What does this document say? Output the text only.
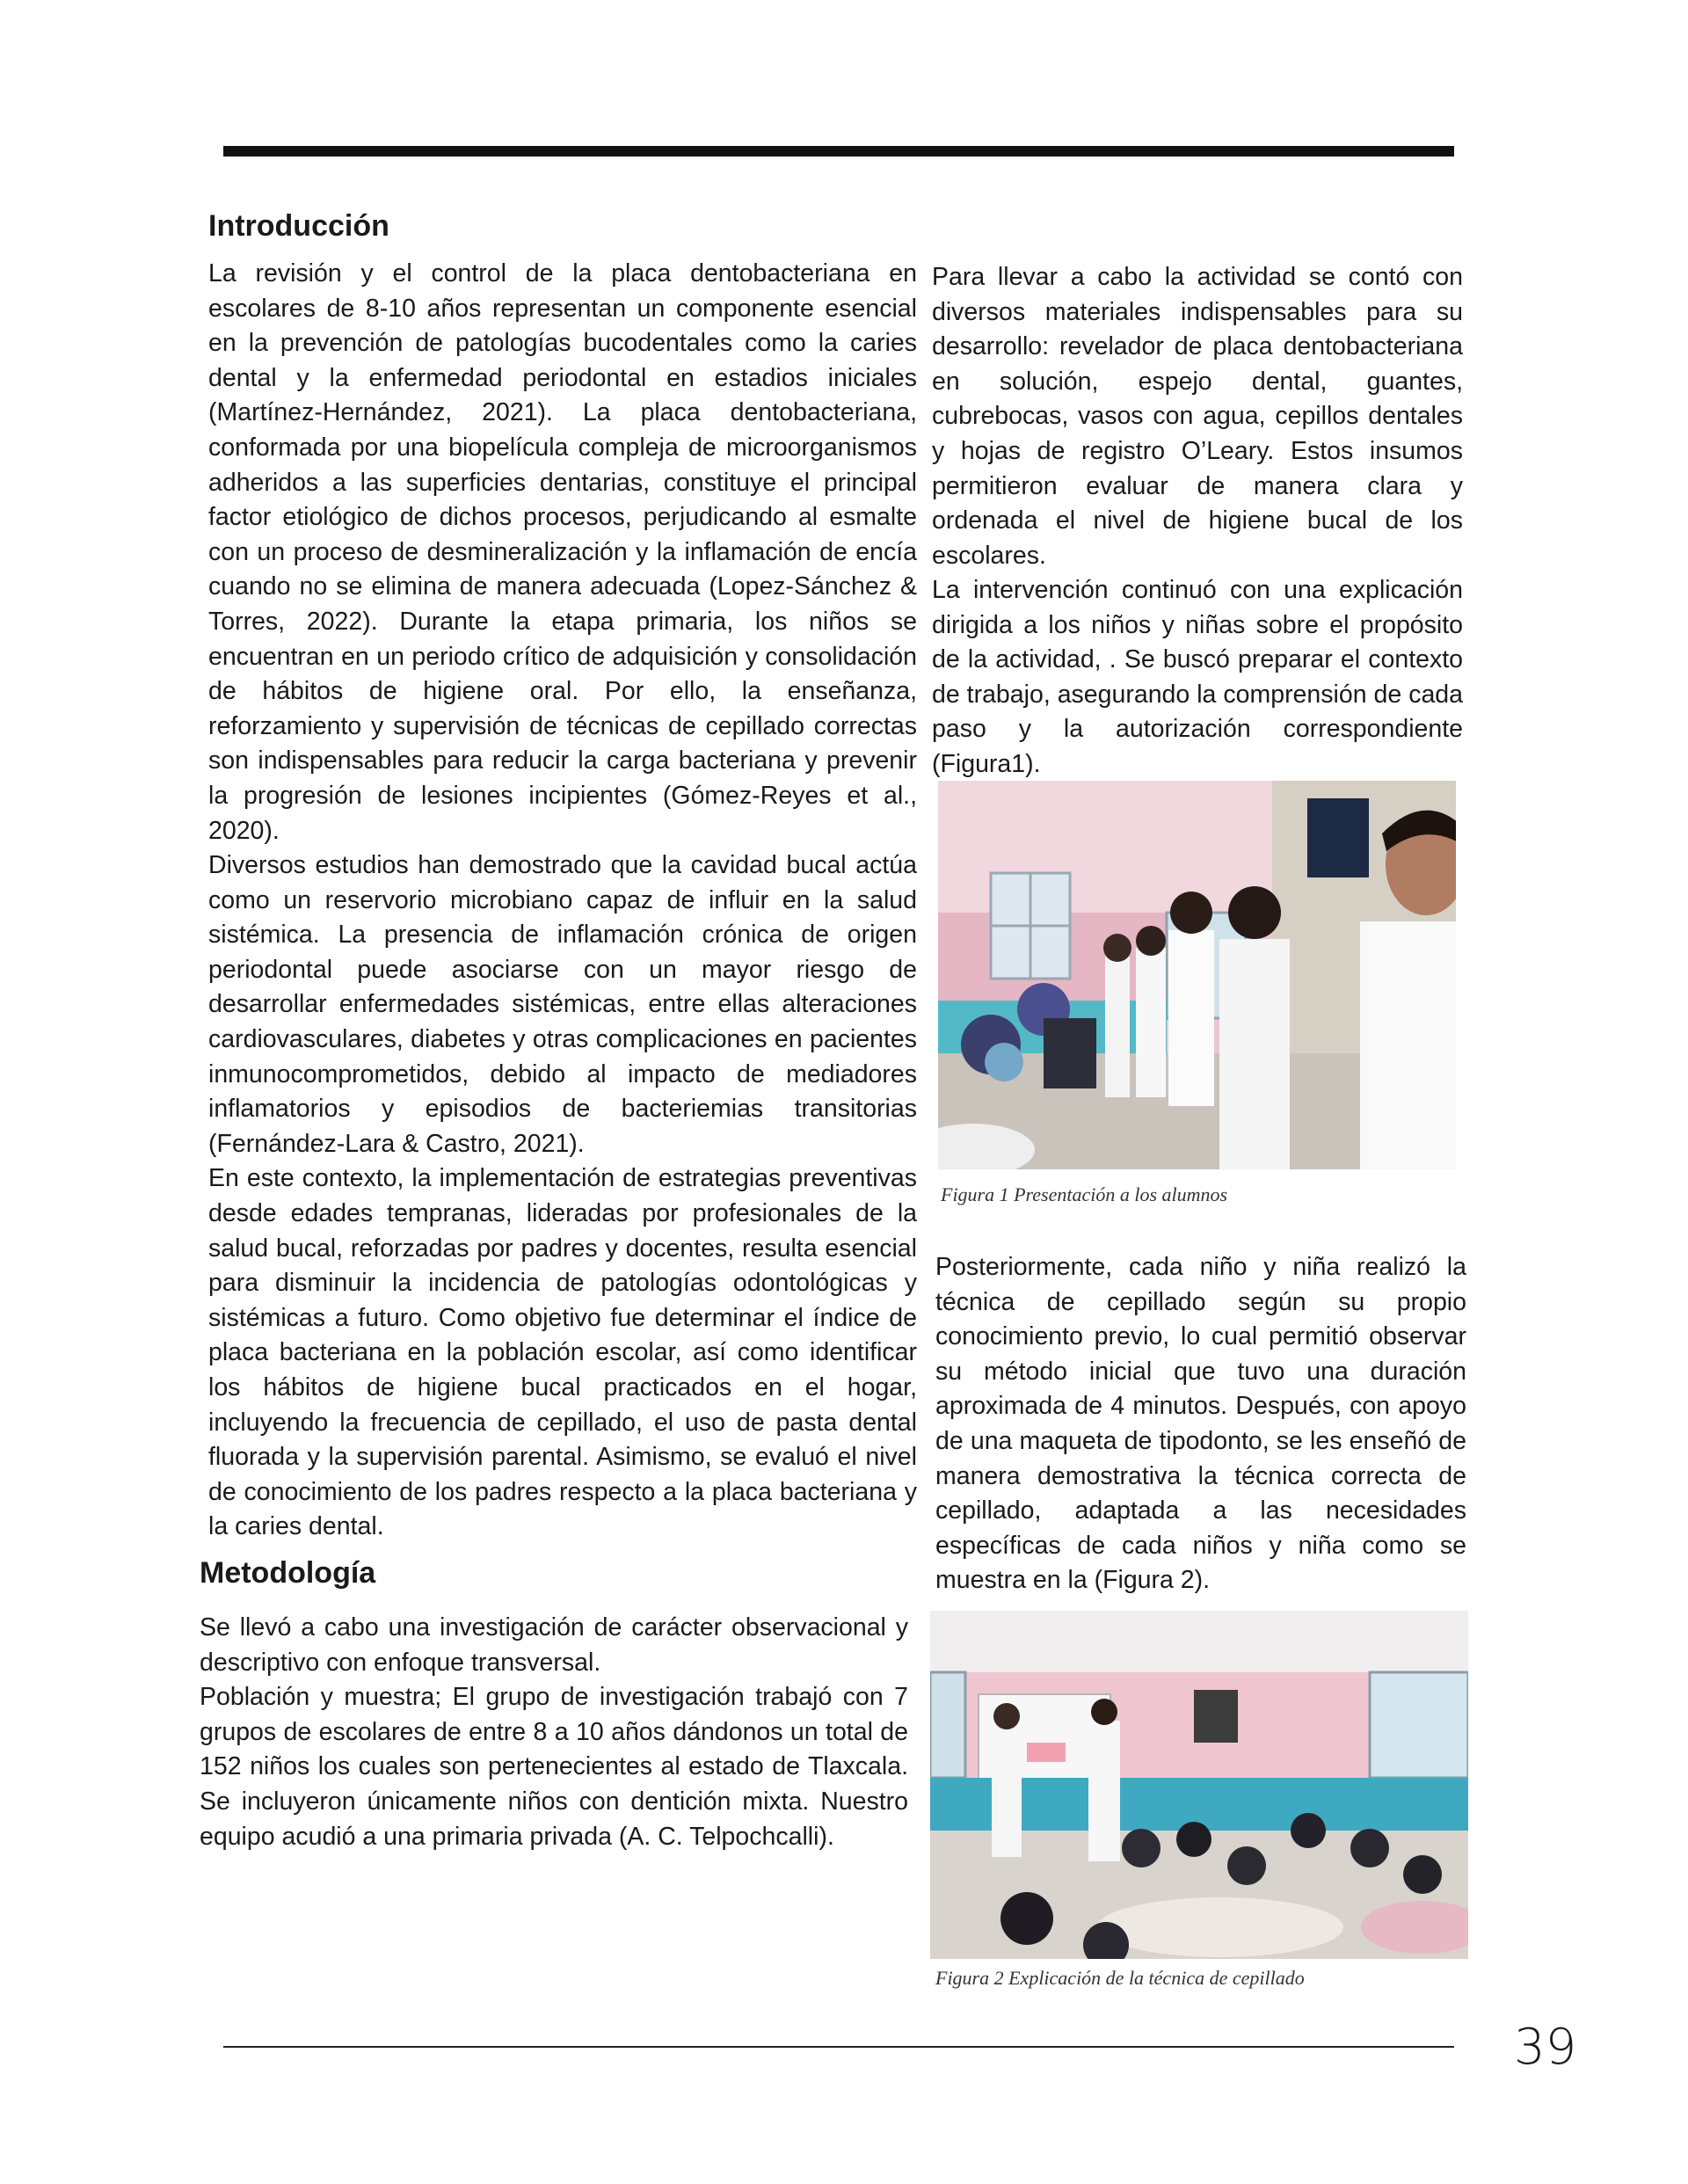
Introducción

La revisión y el control de la placa dentobacteriana en escolares de 8-10 años representan un componente esencial en la prevención de patologías bucodentales como la caries dental y la enfermedad periodontal en estadios iniciales (Martínez-Hernández, 2021). La placa dentobacteriana, conformada por una biopelícula compleja de microorganismos adheridos a las superficies dentarias, constituye el principal factor etiológico de dichos procesos, perjudicando al esmalte con un proceso de desmineralización y la inflamación de encía cuando no se elimina de manera adecuada (Lopez-Sánchez & Torres, 2022). Durante la etapa primaria, los niños se encuentran en un periodo crítico de adquisición y consolidación de hábitos de higiene oral. Por ello, la enseñanza, reforzamiento y supervisión de técnicas de cepillado correctas son indispensables para reducir la carga bacteriana y prevenir la progresión de lesiones incipientes (Gómez-Reyes et al., 2020).

Diversos estudios han demostrado que la cavidad bucal actúa como un reservorio microbiano capaz de influir en la salud sistémica. La presencia de inflamación crónica de origen periodontal puede asociarse con un mayor riesgo de desarrollar enfermedades sistémicas, entre ellas alteraciones cardiovasculares, diabetes y otras complicaciones en pacientes inmunocomprometidos, debido al impacto de mediadores inflamatorios y episodios de bacteriemias transitorias (Fernández-Lara & Castro, 2021).

En este contexto, la implementación de estrategias preventivas desde edades tempranas, lideradas por profesionales de la salud bucal, reforzadas por padres y docentes, resulta esencial para disminuir la incidencia de patologías odontológicas y sistémicas a futuro. Como objetivo fue determinar el índice de placa bacteriana en la población escolar, así como identificar los hábitos de higiene bucal practicados en el hogar, incluyendo la frecuencia de cepillado, el uso de pasta dental fluorada y la supervisión parental. Asimismo, se evaluó el nivel de conocimiento de los padres respecto a la placa bacteriana y la caries dental.

Metodología

Se llevó a cabo una investigación de carácter observacional y descriptivo con enfoque transversal.

Población y muestra; El grupo de investigación trabajó con 7 grupos de escolares de entre 8 a 10 años dándonos un total de 152 niños los cuales son pertenecientes al estado de Tlaxcala. Se incluyeron únicamente niños con dentición mixta. Nuestro equipo acudió a una primaria privada (A. C. Telpochcalli).

Para llevar a cabo la actividad se contó con diversos materiales indispensables para su desarrollo: revelador de placa dentobacteriana en solución, espejo dental, guantes, cubrebocas, vasos con agua, cepillos dentales y hojas de registro O’Leary. Estos insumos permitieron evaluar de manera clara y ordenada el nivel de higiene bucal de los escolares.

La intervención continuó con una explicación dirigida a los niños y niñas sobre el propósito de la actividad, . Se buscó preparar el contexto de trabajo, asegurando la comprensión de cada paso y la autorización correspondiente (Figura1).

Figura 1 Presentación a los alumnos

Posteriormente, cada niño y niña realizó la técnica de cepillado según su propio conocimiento previo, lo cual permitió observar su método inicial que tuvo una duración aproximada de 4 minutos. Después, con apoyo de una maqueta de tipodonto, se les enseñó de manera demostrativa la técnica correcta de cepillado, adaptada a las necesidades específicas de cada niños y niña como se muestra en la (Figura 2).

Figura 2 Explicación de la técnica de cepillado

39
